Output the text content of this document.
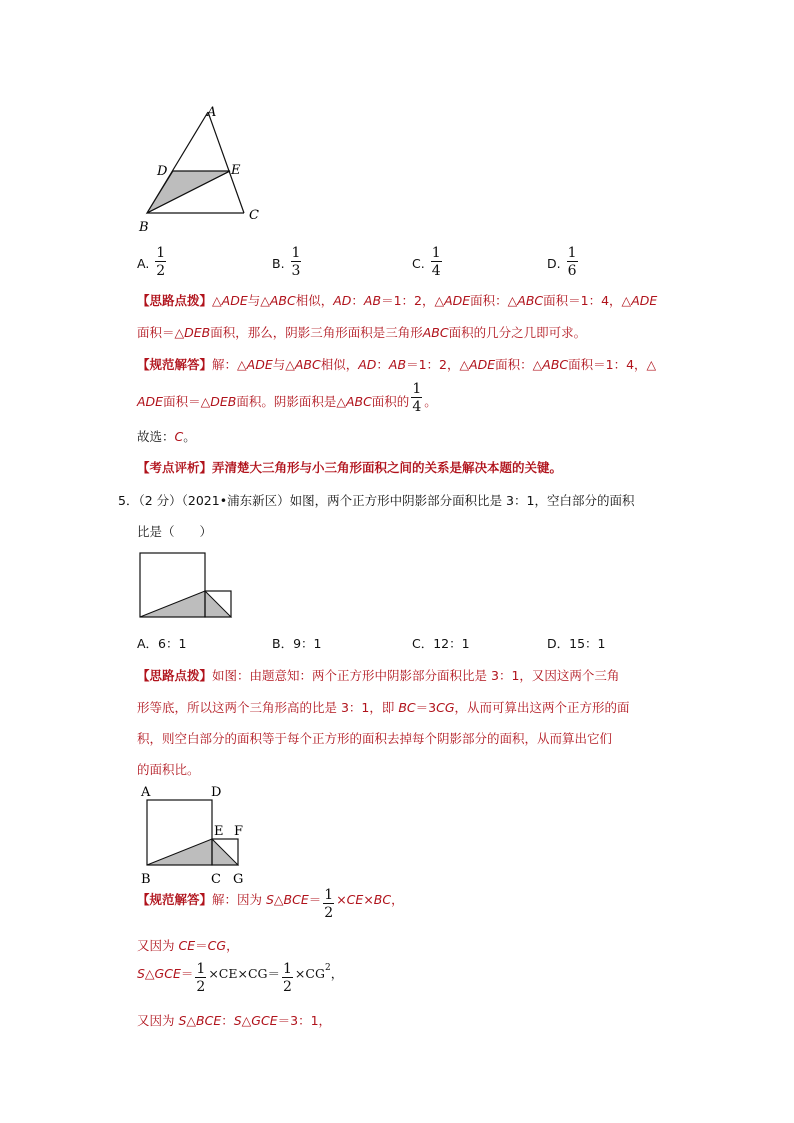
A
D	E
B
C
A. $\frac{1}{2}$	B. $\frac{1}{3}$	C. $\frac{1}{4}$	D. $\frac{1}{6}$
【思路点拨】△ADE与△ABC相似，AD：AB＝1：2，△ADE面积：△ABC面积＝1：4，△ADE
面积＝△DEB面积，那么，阴影三角形面积是三角形ABC面积的几分之几即可求。
【规范解答】解：△ADE与△ABC相似，AD：AB＝1：2，△ADE面积：△ABC面积＝1：4，△
ADE面积＝△DEB面积。阴影面积是△ABC面积的 $\frac{1}{4}$ 。
故选：C。
【考点评析】弄清楚大三角形与小三角形面积之间的关系是解决本题的关键。
5．（2 分）（2021•浦东新区）如图，两个正方形中阴影部分面积比是 3：1，空白部分的面积
比是（　　）
A．6：1	B．9：1	C．12：1	D．15：1
【思路点拨】如图：由题意知：两个正方形中阴影部分面积比是 3：1，又因这两个三角
形等底，所以这两个三角形高的比是 3：1，即 BC＝3CG，从而可算出这两个正方形的面
积，则空白部分的面积等于每个正方形的面积去掉每个阴影部分的面积，从而算出它们
的面积比。
A	D
E F
B	C G
【规范解答】解：因为 S△BCE＝ $\frac{1}{2} \times CE\times BC$，
又因为 CE＝CG，
S△GCE＝ $\frac{1}{2} \times CE\times CG= \frac{1}{2} \times CG^2$，
又因为 S△BCE：S△GCE＝3：1，
